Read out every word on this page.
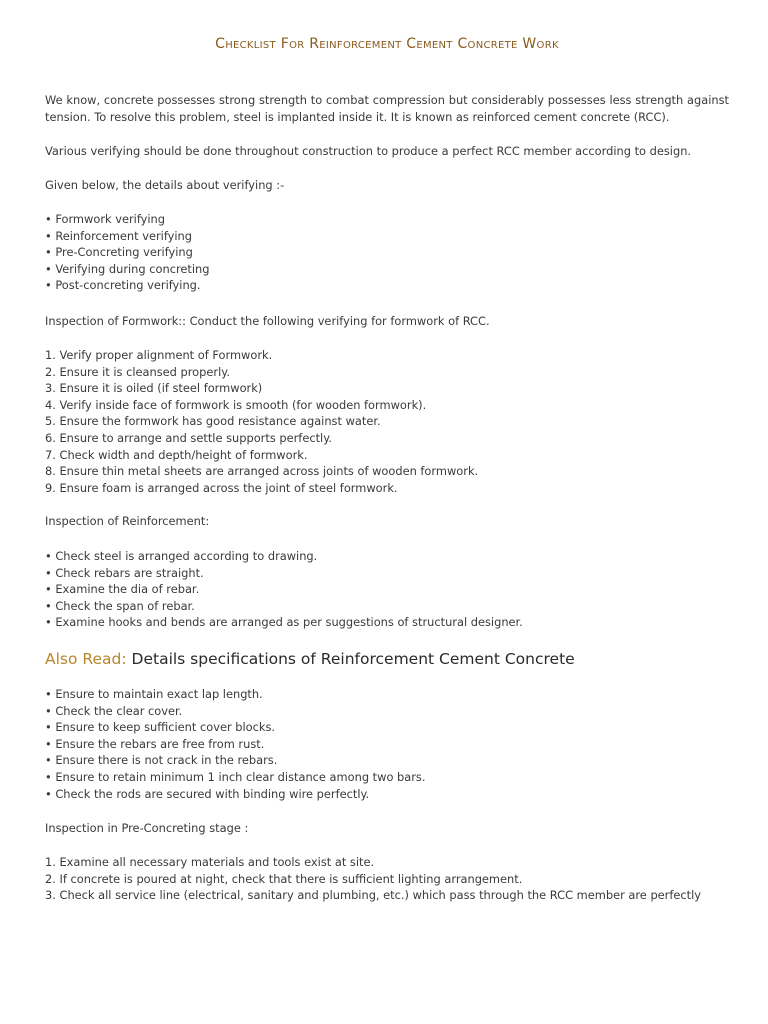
Checklist For Reinforcement Cement Concrete Work

We know, concrete possesses strong strength to combat compression but considerably possesses less strength against tension. To resolve this problem, steel is implanted inside it. It is known as reinforced cement concrete (RCC).

Various verifying should be done throughout construction to produce a perfect RCC member according to design.

Given below, the details about verifying :-

• Formwork verifying
• Reinforcement verifying
• Pre-Concreting verifying
• Verifying during concreting
• Post-concreting verifying.

Inspection of Formwork:: Conduct the following verifying for formwork of RCC.

1. Verify proper alignment of Formwork.
2. Ensure it is cleansed properly.
3. Ensure it is oiled (if steel formwork)
4. Verify inside face of formwork is smooth (for wooden formwork).
5. Ensure the formwork has good resistance against water.
6. Ensure to arrange and settle supports perfectly.
7. Check width and depth/height of formwork.
8. Ensure thin metal sheets are arranged across joints of wooden formwork.
9. Ensure foam is arranged across the joint of steel formwork.

Inspection of Reinforcement:

• Check steel is arranged according to drawing.
• Check rebars are straight.
• Examine the dia of rebar.
• Check the span of rebar.
• Examine hooks and bends are arranged as per suggestions of structural designer.
Also Read: Details specifications of Reinforcement Cement Concrete
• Ensure to maintain exact lap length.
• Check the clear cover.
• Ensure to keep sufficient cover blocks.
• Ensure the rebars are free from rust.
• Ensure there is not crack in the rebars.
• Ensure to retain minimum 1 inch clear distance among two bars.
• Check the rods are secured with binding wire perfectly.

Inspection in Pre-Concreting stage :

1. Examine all necessary materials and tools exist at site.
2. If concrete is poured at night, check that there is sufficient lighting arrangement.
3. Check all service line (electrical, sanitary and plumbing, etc.) which pass through the RCC member are perfectly
